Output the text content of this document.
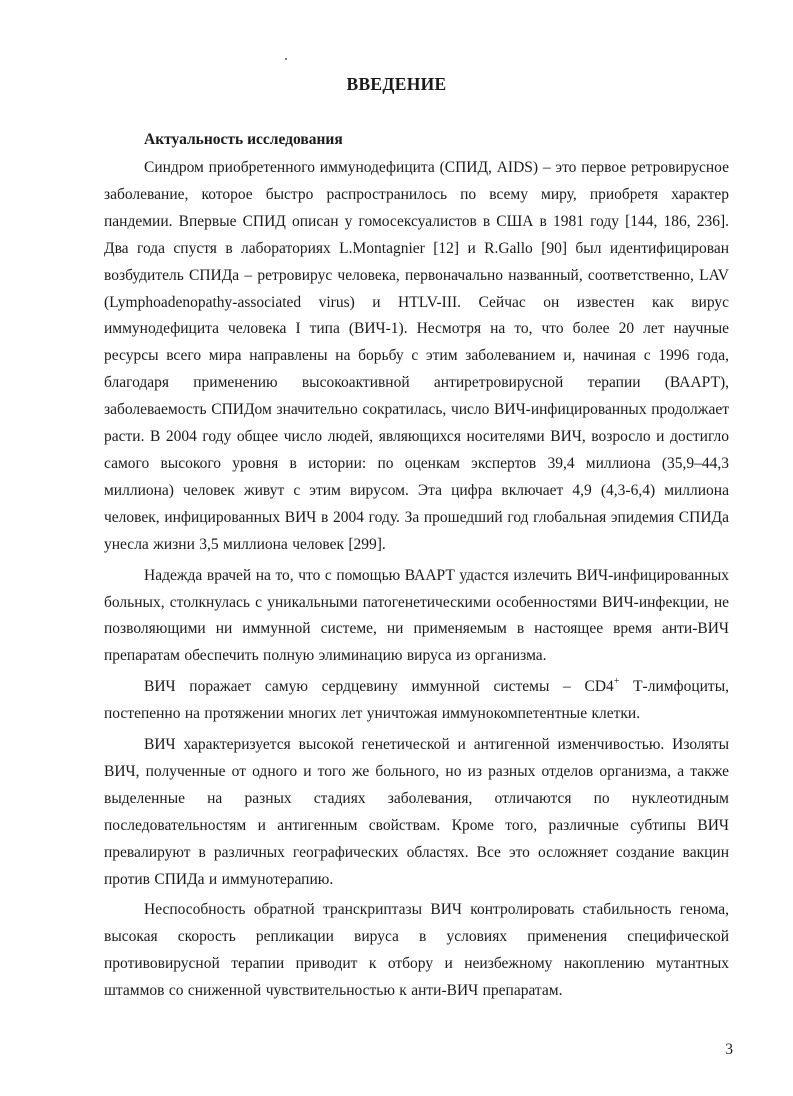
ВВЕДЕНИЕ
Актуальность исследования

Синдром приобретенного иммунодефицита (СПИД, AIDS) – это первое ретровирусное заболевание, которое быстро распространилось по всему миру, приобретя характер пандемии. Впервые СПИД описан у гомосексуалистов в США в 1981 году [144, 186, 236]. Два года спустя в лабораториях L.Montagnier [12] и R.Gallo [90] был идентифицирован возбудитель СПИДа – ретровирус человека, первоначально названный, соответственно, LAV (Lymphoadenopathy-associated virus) и HTLV-III. Сейчас он известен как вирус иммунодефицита человека I типа (ВИЧ-1). Несмотря на то, что более 20 лет научные ресурсы всего мира направлены на борьбу с этим заболеванием и, начиная с 1996 года, благодаря применению высокоактивной антиретровирусной терапии (ВААРТ), заболеваемость СПИДом значительно сократилась, число ВИЧ-инфицированных продолжает расти. В 2004 году общее число людей, являющихся носителями ВИЧ, возросло и достигло самого высокого уровня в истории: по оценкам экспертов 39,4 миллиона (35,9–44,3 миллиона) человек живут с этим вирусом. Эта цифра включает 4,9 (4,3-6,4) миллиона человек, инфицированных ВИЧ в 2004 году. За прошедший год глобальная эпидемия СПИДа унесла жизни 3,5 миллиона человек [299].

Надежда врачей на то, что с помощью ВААРТ удастся излечить ВИЧ-инфицированных больных, столкнулась с уникальными патогенетическими особенностями ВИЧ-инфекции, не позволяющими ни иммунной системе, ни применяемым в настоящее время анти-ВИЧ препаратам обеспечить полную элиминацию вируса из организма.

ВИЧ поражает самую сердцевину иммунной системы – CD4+ Т-лимфоциты, постепенно на протяжении многих лет уничтожая иммунокомпетентные клетки.

ВИЧ характеризуется высокой генетической и антигенной изменчивостью. Изоляты ВИЧ, полученные от одного и того же больного, но из разных отделов организма, а также выделенные на разных стадиях заболевания, отличаются по нуклеотидным последовательностям и антигенным свойствам. Кроме того, различные субтипы ВИЧ превалируют в различных географических областях. Все это осложняет создание вакцин против СПИДа и иммунотерапию.

Неспособность обратной транскриптазы ВИЧ контролировать стабильность генома, высокая скорость репликации вируса в условиях применения специфической противовирусной терапии приводит к отбору и неизбежному накоплению мутантных штаммов со сниженной чувствительностью к анти-ВИЧ препаратам.

3
